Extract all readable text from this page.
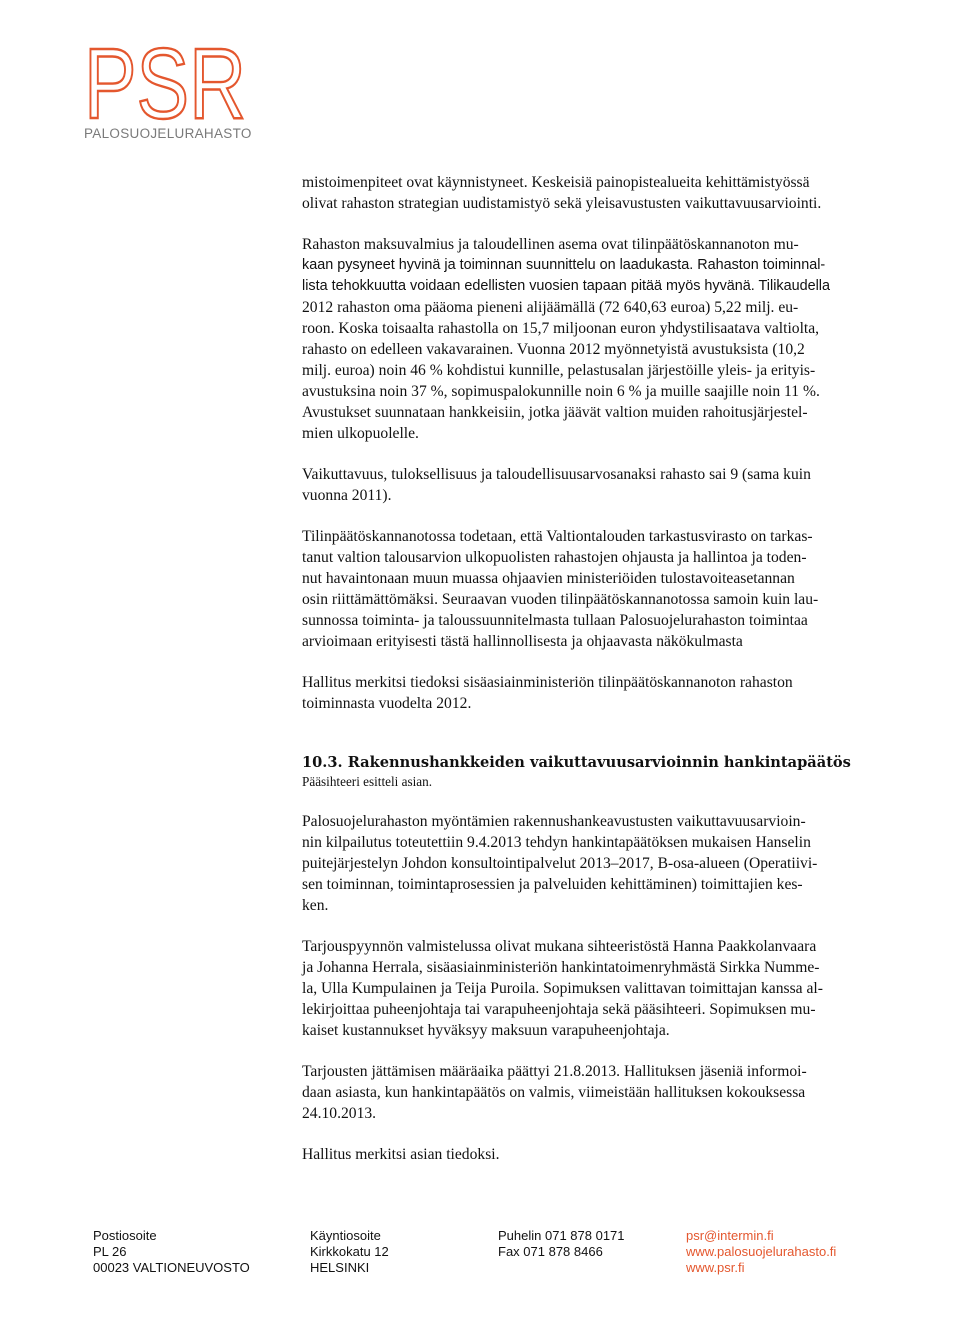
PSR
PALOSUOJELURAHASTO
mistoimenpiteet ovat käynnistyneet. Keskeisiä painopistealueita kehittämistyössä
olivat rahaston strategian uudistamistyö sekä yleisavustusten vaikuttavuusarviointi.
Rahaston maksuvalmius ja taloudellinen asema ovat tilinpäätöskannanoton mu-
kaan pysyneet hyvinä ja toiminnan suunnittelu on laadukasta. Rahaston toiminnal-
lista tehokkuutta voidaan edellisten vuosien tapaan pitää myös hyvänä. Tilikaudella
2012 rahaston oma pääoma pieneni alijäämällä (72 640,63 euroa) 5,22 milj. eu-
roon. Koska toisaalta rahastolla on 15,7 miljoonan euron yhdystilisaatava valtiolta,
rahasto on edelleen vakavarainen. Vuonna 2012 myönnetyistä avustuksista (10,2
milj. euroa) noin 46 % kohdistui kunnille, pelastusalan järjestöille yleis- ja erityis-
avustuksina noin 37 %, sopimuspalokunnille noin 6 % ja muille saajille noin 11 %.
Avustukset suunnataan hankkeisiin, jotka jäävät valtion muiden rahoitusjärjestel-
mien ulkopuolelle.
Vaikuttavuus, tuloksellisuus ja taloudellisuusarvosanaksi rahasto sai 9 (sama kuin
vuonna 2011).
Tilinpäätöskannanotossa todetaan, että Valtiontalouden tarkastusvirasto on tarkas-
tanut valtion talousarvion ulkopuolisten rahastojen ohjausta ja hallintoa ja toden-
nut havaintonaan muun muassa ohjaavien ministeriöiden tulostavoiteasetannan
osin riittämättömäksi. Seuraavan vuoden tilinpäätöskannanotossa samoin kuin lau-
sunnossa toiminta- ja taloussuunnitelmasta tullaan Palosuojelurahaston toimintaa
arvioimaan erityisesti tästä hallinnollisesta ja ohjaavasta näkökulmasta
Hallitus merkitsi tiedoksi sisäasiainministeriön tilinpäätöskannanoton rahaston
toiminnasta vuodelta 2012.
10.3. Rakennushankkeiden vaikuttavuusarvioinnin hankintapäätös
Pääsihteeri esitteli asian.
Palosuojelurahaston myöntämien rakennushankeavustusten vaikuttavuusarvioin-
nin kilpailutus toteutettiin 9.4.2013 tehdyn hankintapäätöksen mukaisen Hanselin
puitejärjestelyn Johdon konsultointipalvelut 2013–2017, B-osa-alueen (Operatiivi-
sen toiminnan, toimintaprosessien ja palveluiden kehittäminen) toimittajien kes-
ken.
Tarjouspyynnön valmistelussa olivat mukana sihteeristöstä Hanna Paakkolanvaara
ja Johanna Herrala, sisäasiainministeriön hankintatoimenryhmästä Sirkka Numme-
la, Ulla Kumpulainen ja Teija Puroila. Sopimuksen valittavan toimittajan kanssa al-
lekirjoittaa puheenjohtaja tai varapuheenjohtaja sekä pääsihteeri. Sopimuksen mu-
kaiset kustannukset hyväksyy maksuun varapuheenjohtaja.
Tarjousten jättämisen määräaika päättyi 21.8.2013. Hallituksen jäseniä informoi-
daan asiasta, kun hankintapäätös on valmis, viimeistään hallituksen kokouksessa
24.10.2013.
Hallitus merkitsi asian tiedoksi.
Postiosoite
PL 26
00023 VALTIONEUVOSTO
Käyntiosoite
Kirkkokatu 12
HELSINKI
Puhelin 071 878 0171
Fax 071 878 8466
psr@intermin.fi
www.palosuojelurahasto.fi
www.psr.fi
